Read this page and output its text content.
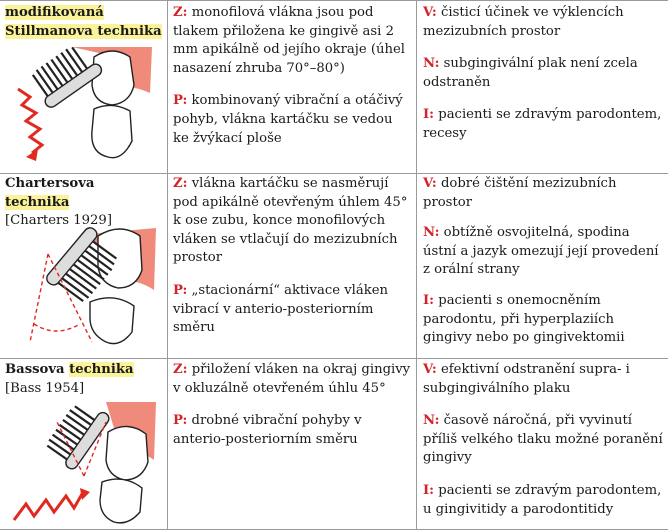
modifikovaná
Stillmanova technika

Z: monofilová vlákna jsou pod tlakem přiložena ke gingivě asi 2 mm apikálně od jejího okraje (úhel nasazení zhruba 70°–80°)

P: kombinovaný vibrační a otáčivý pohyb, vlákna kartáčku se vedou ke žvýkací ploše

V: čisticí účinek ve výklencích mezizubních prostor

N: subgingivální plak není zcela odstraněn

I: pacienti se zdravým parodontem, recesy

Chartersova technika
[Charters 1929]

Z: vlákna kartáčku se nasměrují pod apikálně otevřeným úhlem 45° k ose zubu, konce monofilových vláken se vtlačují do mezizubních prostor

P: „stacionární“ aktivace vláken vibrací v anterio-posteriorním směru

V: dobré čištění mezizubních prostor

N: obtížně osvojitelná, spodina ústní a jazyk omezují její provedení z orální strany

I: pacienti s onemocněním parodontu, při hyperplaziích gingivy nebo po gingivektomii

Bassova technika
[Bass 1954]

Z: přiložení vláken na okraj gingivy v okluzálně otevřeném úhlu 45°

P: drobné vibrační pohyby v anterio-posteriorním směru

V: efektivní odstranění supra- i subgingiválního plaku

N: časově náročná, při vyvinutí příliš velkého tlaku možné poranění gingivy

I: pacienti se zdravým parodontem, u gingivitidy a parodontitidy
